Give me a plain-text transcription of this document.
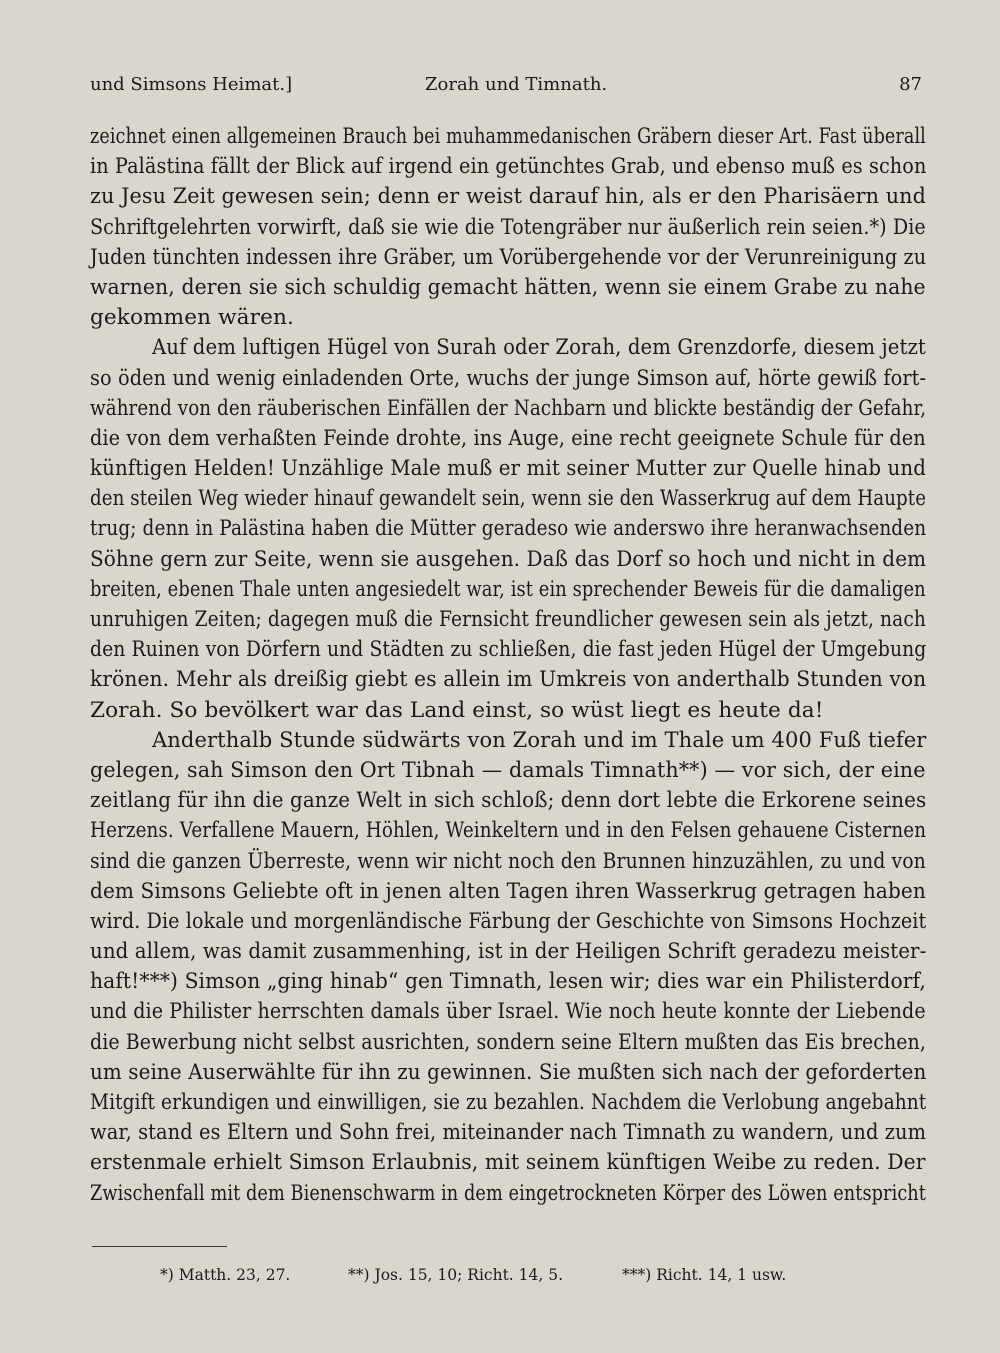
und Simsons Heimat.]	Zorah und Timnath.	87
zeichnet einen allgemeinen Brauch bei muhammedanischen Gräbern dieser Art. Fast überall
in Palästina fällt der Blick auf irgend ein getünchtes Grab, und ebenso muß es schon
zu Jesu Zeit gewesen sein; denn er weist darauf hin, als er den Pharisäern und
Schriftgelehrten vorwirft, daß sie wie die Totengräber nur äußerlich rein seien.*) Die
Juden tünchten indessen ihre Gräber, um Vorübergehende vor der Verunreinigung zu
warnen, deren sie sich schuldig gemacht hätten, wenn sie einem Grabe zu nahe
gekommen wären.
Auf dem luftigen Hügel von Surah oder Zorah, dem Grenzdorfe, diesem jetzt
so öden und wenig einladenden Orte, wuchs der junge Simson auf, hörte gewiß fort-
während von den räuberischen Einfällen der Nachbarn und blickte beständig der Gefahr,
die von dem verhaßten Feinde drohte, ins Auge, eine recht geeignete Schule für den
künftigen Helden! Unzählige Male muß er mit seiner Mutter zur Quelle hinab und
den steilen Weg wieder hinauf gewandelt sein, wenn sie den Wasserkrug auf dem Haupte
trug; denn in Palästina haben die Mütter geradeso wie anderswo ihre heranwachsenden
Söhne gern zur Seite, wenn sie ausgehen. Daß das Dorf so hoch und nicht in dem
breiten, ebenen Thale unten angesiedelt war, ist ein sprechender Beweis für die damaligen
unruhigen Zeiten; dagegen muß die Fernsicht freundlicher gewesen sein als jetzt, nach
den Ruinen von Dörfern und Städten zu schließen, die fast jeden Hügel der Umgebung
krönen. Mehr als dreißig giebt es allein im Umkreis von anderthalb Stunden von
Zorah. So bevölkert war das Land einst, so wüst liegt es heute da!
Anderthalb Stunde südwärts von Zorah und im Thale um 400 Fuß tiefer
gelegen, sah Simson den Ort Tibnah — damals Timnath**) — vor sich, der eine
zeitlang für ihn die ganze Welt in sich schloß; denn dort lebte die Erkorene seines
Herzens. Verfallene Mauern, Höhlen, Weinkeltern und in den Felsen gehauene Cisternen
sind die ganzen Überreste, wenn wir nicht noch den Brunnen hinzuzählen, zu und von
dem Simsons Geliebte oft in jenen alten Tagen ihren Wasserkrug getragen haben
wird. Die lokale und morgenländische Färbung der Geschichte von Simsons Hochzeit
und allem, was damit zusammenhing, ist in der Heiligen Schrift geradezu meister-
haft!***) Simson „ging hinab“ gen Timnath, lesen wir; dies war ein Philisterdorf,
und die Philister herrschten damals über Israel. Wie noch heute konnte der Liebende
die Bewerbung nicht selbst ausrichten, sondern seine Eltern mußten das Eis brechen,
um seine Auserwählte für ihn zu gewinnen. Sie mußten sich nach der geforderten
Mitgift erkundigen und einwilligen, sie zu bezahlen. Nachdem die Verlobung angebahnt
war, stand es Eltern und Sohn frei, miteinander nach Timnath zu wandern, und zum
erstenmale erhielt Simson Erlaubnis, mit seinem künftigen Weibe zu reden. Der
Zwischenfall mit dem Bienenschwarm in dem eingetrockneten Körper des Löwen entspricht
*) Matth. 23, 27.	**) Jos. 15, 10; Richt. 14, 5.	***) Richt. 14, 1 usw.
